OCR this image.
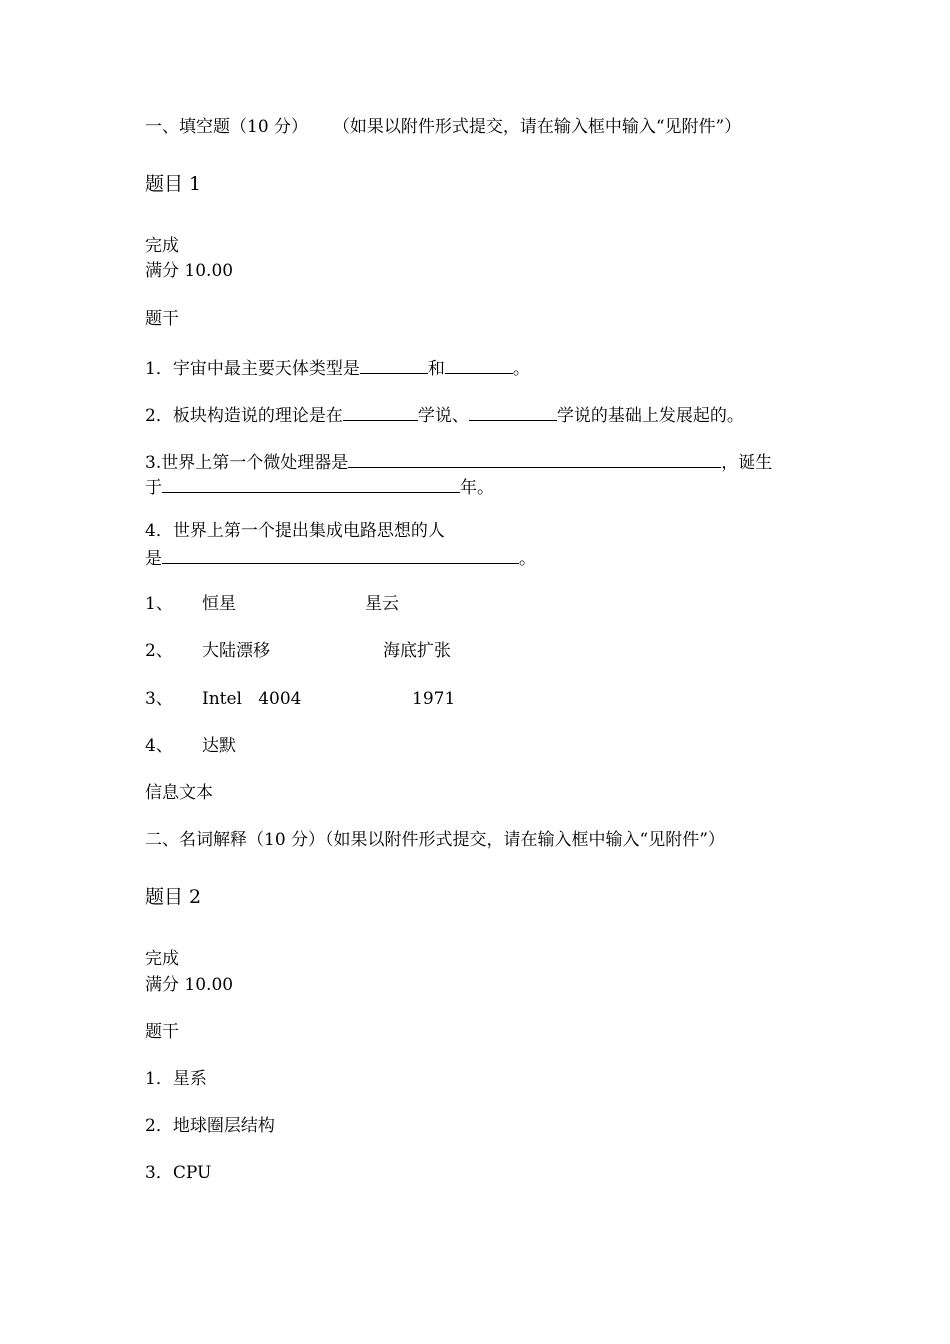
一、填空题（10 分） （如果以附件形式提交，请在输入框中输入“见附件”）
题目 1
完成
满分 10.00
题干
1．宇宙中最主要天体类型是	和	。
2．板块构造说的理论是在	学说、	学说的基础上发展起的。
3.世界上第一个微处理器是	，诞生
于	年。
4．世界上第一个提出集成电路思想的人
是	。
1、 恒星	星云
2、 大陆漂移	海底扩张
3、 Intel   4004	1971
4、 达默
信息文本
二、名词解释（10 分）（如果以附件形式提交，请在输入框中输入“见附件”）
题目 2
完成
满分 10.00
题干
1．星系
2．地球圈层结构
3．CPU
